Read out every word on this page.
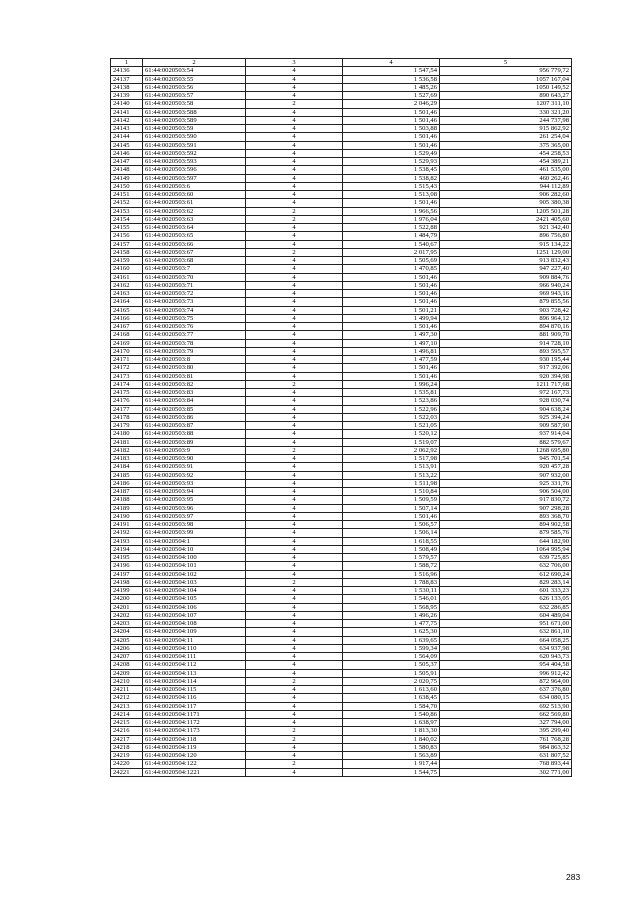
1	2	3	4	5
24136	61:44:0020503:54	4	1 547,54	956 779,72
24137	61:44:0020503:55	4	1 536,58	1057 167,04
24138	61:44:0020503:56	4	1 485,26	1050 149,52
24139	61:44:0020503:57	4	1 527,69	890 643,27
24140	61:44:0020503:58	2	2 046,29	1207 311,10
24141	61:44:0020503:588	4	1 501,46	330 321,20
24142	61:44:0020503:589	4	1 501,46	244 737,98
24143	61:44:0020503:59	4	1 503,88	915 862,92
24144	61:44:0020503:590	4	1 501,46	261 254,04
24145	61:44:0020503:591	4	1 501,46	375 365,00
24146	61:44:0020503:592	4	1 529,49	454 258,53
24147	61:44:0020503:593	4	1 529,93	454 389,21
24148	61:44:0020503:596	4	1 538,45	461 535,00
24149	61:44:0020503:597	4	1 538,82	460 262,46
24150	61:44:0020503:6	4	1 515,43	944 112,89
24151	61:44:0020503:60	4	1 513,08	906 282,60
24152	61:44:0020503:61	4	1 501,46	905 380,38
24153	61:44:0020503:62	2	1 966,56	1205 501,28
24154	61:44:0020503:63	2	1 976,04	2421 405,60
24155	61:44:0020503:64	4	1 522,88	921 342,40
24156	61:44:0020503:65	4	1 484,79	896 756,80
24157	61:44:0020503:66	4	1 540,67	915 134,22
24158	61:44:0020503:67	2	2 017,95	1251 129,00
24159	61:44:0020503:68	4	1 505,69	913 832,43
24160	61:44:0020503:7	4	1 470,85	947 227,40
24161	61:44:0020503:70	4	1 501,46	909 884,76
24162	61:44:0020503:71	4	1 501,46	966 940,24
24163	61:44:0020503:72	4	1 501,46	969 943,16
24164	61:44:0020503:73	4	1 501,46	879 855,56
24165	61:44:0020503:74	4	1 501,21	903 728,42
24166	61:44:0020503:75	4	1 499,94	896 964,12
24167	61:44:0020503:76	4	1 501,46	894 870,16
24168	61:44:0020503:77	4	1 497,30	881 909,70
24169	61:44:0020503:78	4	1 497,10	914 728,10
24170	61:44:0020503:79	4	1 496,81	893 595,57
24171	61:44:0020503:8	4	1 477,59	930 195,44
24172	61:44:0020503:80	4	1 501,46	917 392,06
24173	61:44:0020503:81	4	1 501,46	920 394,98
24174	61:44:0020503:82	2	1 996,24	1211 717,68
24175	61:44:0020503:83	4	1 535,81	972 167,73
24176	61:44:0020503:84	4	1 523,86	928 030,74
24177	61:44:0020503:85	4	1 522,96	904 638,24
24178	61:44:0020503:86	4	1 522,03	925 394,24
24179	61:44:0020503:87	4	1 521,05	909 587,90
24180	61:44:0020503:88	4	1 520,12	937 914,04
24181	61:44:0020503:89	4	1 519,07	882 579,67
24182	61:44:0020503:9	2	2 062,92	1268 695,80
24183	61:44:0020503:90	4	1 517,98	945 701,54
24184	61:44:0020503:91	4	1 513,91	920 457,28
24185	61:44:0020503:92	4	1 513,22	907 932,00
24186	61:44:0020503:93	4	1 511,98	925 331,76
24187	61:44:0020503:94	4	1 510,84	906 504,00
24188	61:44:0020503:95	4	1 509,59	917 830,72
24189	61:44:0020503:96	4	1 507,14	907 298,28
24190	61:44:0020503:97	4	1 501,46	893 368,70
24191	61:44:0020503:98	4	1 506,57	894 902,58
24192	61:44:0020503:99	4	1 506,14	879 585,76
24193	61:44:0020504:1	4	1 618,55	644 182,90
24194	61:44:0020504:10	4	1 508,49	1064 995,94
24195	61:44:0020504:100	4	1 579,57	639 725,85
24196	61:44:0020504:101	4	1 588,72	632 706,00
24197	61:44:0020504:102	4	1 516,96	612 690,24
24198	61:44:0020504:103	2	1 788,83	829 283,14
24199	61:44:0020504:104	4	1 530,11	601 333,23
24200	61:44:0020504:105	4	1 546,01	626 133,05
24201	61:44:0020504:106	4	1 568,95	632 286,85
24202	61:44:0020504:107	4	1 496,26	604 489,04
24203	61:44:0020504:108	4	1 477,75	951 671,00
24204	61:44:0020504:109	4	1 625,30	632 861,10
24205	61:44:0020504:11	4	1 639,65	664 058,25
24206	61:44:0020504:110	4	1 599,34	634 937,98
24207	61:44:0020504:111	4	1 564,09	620 943,73
24208	61:44:0020504:112	4	1 505,37	954 404,58
24209	61:44:0020504:113	4	1 505,91	996 912,42
24210	61:44:0020504:114	2	2 020,75	872 964,00
24211	61:44:0020504:115	4	1 613,60	637 376,80
24212	61:44:0020504:116	4	1 638,45	634 080,15
24213	61:44:0020504:117	4	1 584,70	692 513,90
24214	61:44:0020504:1171	4	1 540,86	662 569,80
24215	61:44:0020504:1172	4	1 638,97	327 794,00
24216	61:44:0020504:1173	2	1 813,30	395 299,40
24217	61:44:0020504:118	2	1 840,02	761 768,28
24218	61:44:0020504:119	4	1 580,83	984 863,32
24219	61:44:0020504:120	4	1 563,89	631 807,52
24220	61:44:0020504:122	2	1 917,44	768 893,44
24221	61:44:0020504:1221	4	1 544,75	302 771,00
283
